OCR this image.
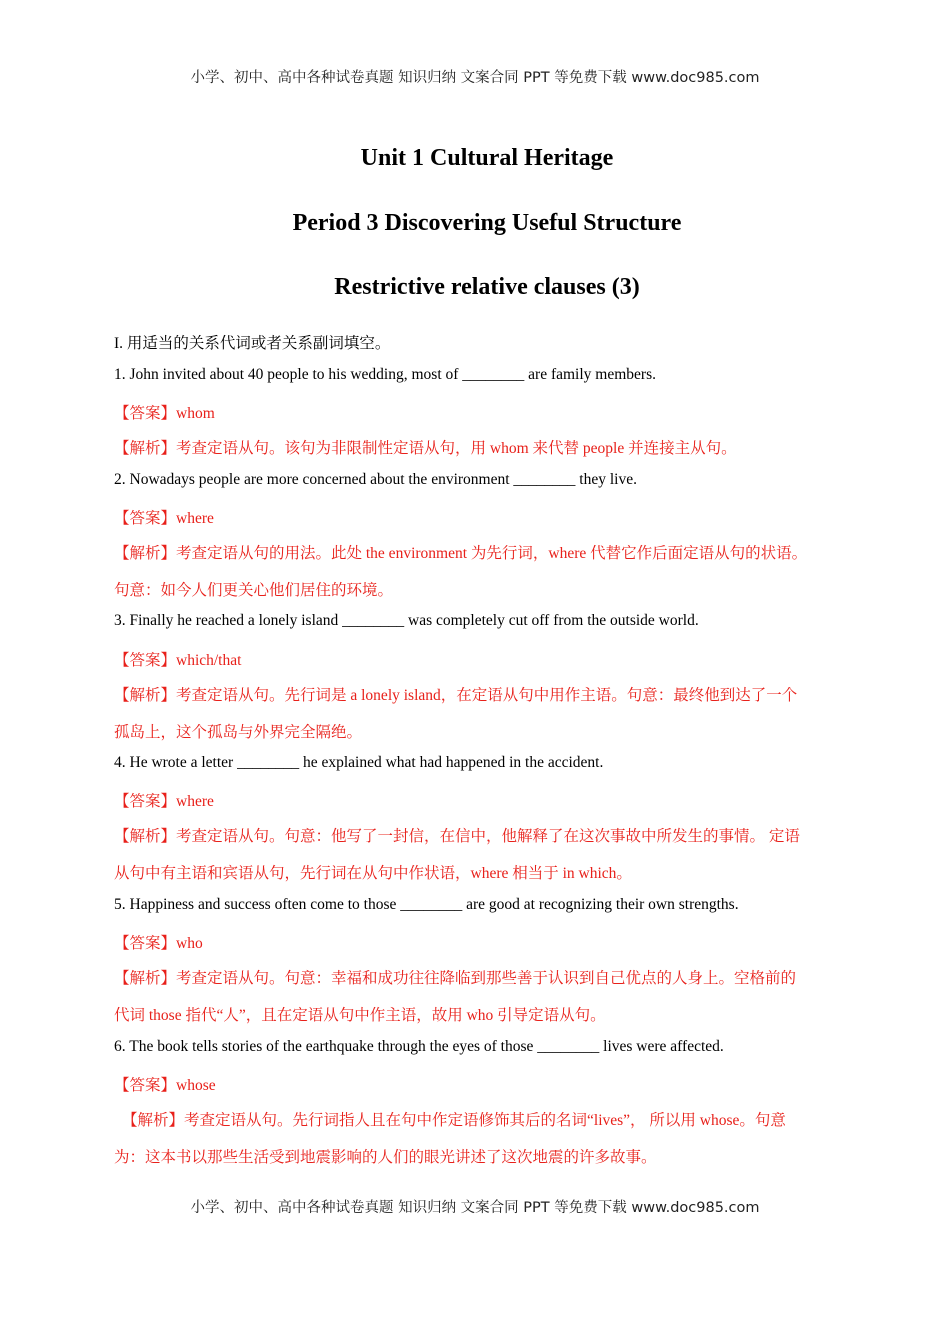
小学、初中、高中各种试卷真题 知识归纳 文案合同 PPT 等免费下载 www.doc985.com
Unit 1 Cultural Heritage
Period 3 Discovering Useful Structure
Restrictive relative clauses (3)
I. 用适当的关系代词或者关系副词填空。
1. John invited about 40 people to his wedding, most of ________ are family members.
【答案】whom
【解析】考查定语从句。该句为非限制性定语从句，用 whom 来代替 people 并连接主从句。
2. Nowadays people are more concerned about the environment ________ they live.
【答案】where
【解析】考查定语从句的用法。此处 the environment 为先行词，where 代替它作后面定语从句的状语。
句意：如今人们更关心他们居住的环境。
3. Finally he reached a lonely island ________ was completely cut off from the outside world.
【答案】which/that
【解析】考查定语从句。先行词是 a lonely island，在定语从句中用作主语。句意：最终他到达了一个
孤岛上，这个孤岛与外界完全隔绝。
4. He wrote a letter ________ he explained what had happened in the accident.
【答案】where
【解析】考查定语从句。句意：他写了一封信，在信中，他解释了在这次事故中所发生的事情。 定语
从句中有主语和宾语从句，先行词在从句中作状语，where 相当于 in which。
5. Happiness and success often come to those ________ are good at recognizing their own strengths.
【答案】who
【解析】考查定语从句。句意：幸福和成功往往降临到那些善于认识到自己优点的人身上。空格前的
代词 those 指代“人”，且在定语从句中作主语，故用 who 引导定语从句。
6. The book tells stories of the earthquake through the eyes of those ________ lives were affected.
【答案】whose
【解析】考查定语从句。先行词指人且在句中作定语修饰其后的名词“lives”， 所以用 whose。句意
为：这本书以那些生活受到地震影响的人们的眼光讲述了这次地震的许多故事。
小学、初中、高中各种试卷真题 知识归纳 文案合同 PPT 等免费下载 www.doc985.com
